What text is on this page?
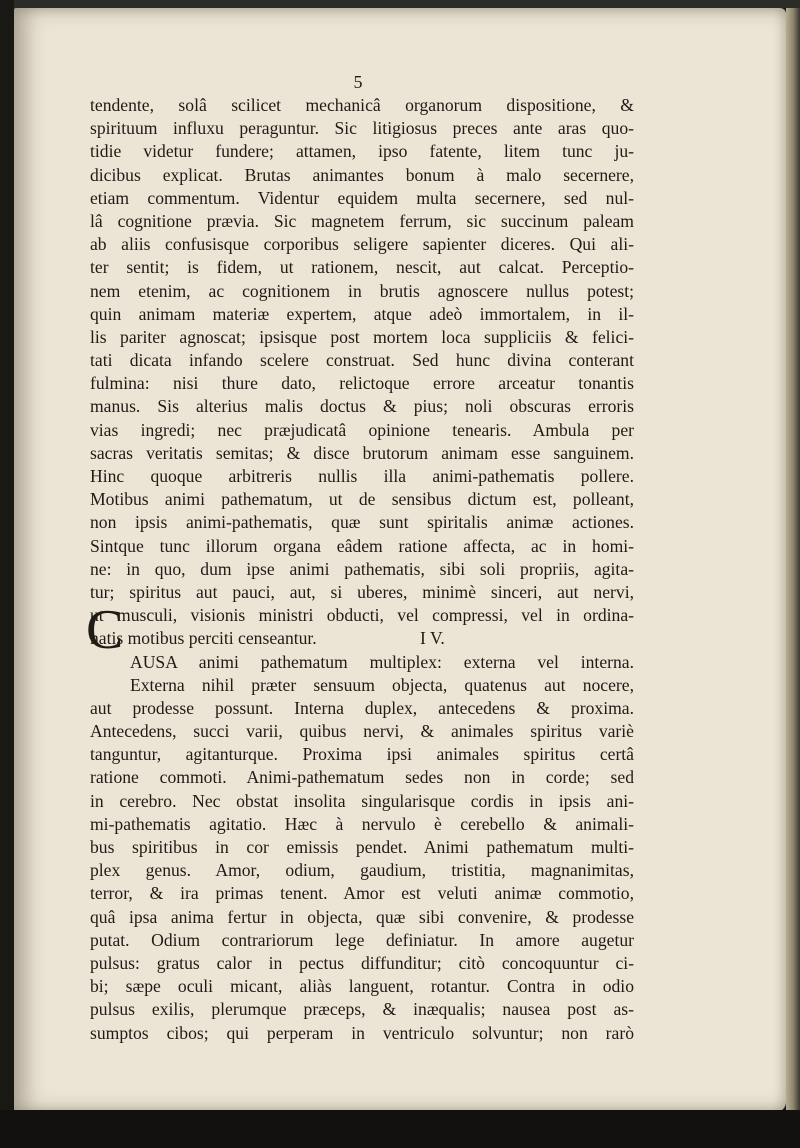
5
tendente, solâ scilicet mechanicâ organorum dispositione, &
spirituum influxu peraguntur. Sic litigiosus preces ante aras quo-
tidie videtur fundere; attamen, ipso fatente, litem tunc ju-
dicibus explicat. Brutas animantes bonum à malo secernere,
etiam commentum. Videntur equidem multa secernere, sed nul-
lâ cognitione prævia. Sic magnetem ferrum, sic succinum paleam
ab aliis confusisque corporibus seligere sapienter diceres. Qui ali-
ter sentit; is fidem, ut rationem, nescit, aut calcat. Perceptio-
nem etenim, ac cognitionem in brutis agnoscere nullus potest;
quin animam materiæ expertem, atque adeò immortalem, in il-
lis pariter agnoscat; ipsisque post mortem loca suppliciis & felici-
tati dicata infando scelere construat. Sed hunc divina conterant
fulmina: nisi thure dato, relictoque errore arceatur tonantis
manus. Sis alterius malis doctus & pius; noli obscuras erroris
vias ingredi; nec præjudicatâ opinione tenearis. Ambula per
sacras veritatis semitas; & disce brutorum animam esse sanguinem.
Hinc quoque arbitreris nullis illa animi-pathematis pollere.
Motibus animi pathematum, ut de sensibus dictum est, polleant,
non ipsis animi-pathematis, quæ sunt spiritalis animæ actiones.
Sintque tunc illorum organa eâdem ratione affecta, ac in homi-
ne: in quo, dum ipse animi pathematis, sibi soli propriis, agita-
tur; spiritus aut pauci, aut, si uberes, minimè sinceri, aut nervi,
ut musculi, visionis ministri obducti, vel compressi, vel in ordina-
natis motibus perciti censeantur.	I V.
AUSA animi pathematum multiplex: externa vel interna.
Externa nihil præter sensuum objecta, quatenus aut nocere,
aut prodesse possunt. Interna duplex, antecedens & proxima.
Antecedens, succi varii, quibus nervi, & animales spiritus variè
tanguntur, agitanturque. Proxima ipsi animales spiritus certâ
ratione commoti. Animi-pathematum sedes non in corde; sed
in cerebro. Nec obstat insolita singularisque cordis in ipsis ani-
mi-pathematis agitatio. Hæc à nervulo è cerebello & animali-
bus spiritibus in cor emissis pendet. Animi pathematum multi-
plex genus. Amor, odium, gaudium, tristitia, magnanimitas,
terror, & ira primas tenent. Amor est veluti animæ commotio,
quâ ipsa anima fertur in objecta, quæ sibi convenire, & prodesse
putat. Odium contrariorum lege definiatur. In amore augetur
pulsus: gratus calor in pectus diffunditur; citò concoquuntur ci-
bi; sæpe oculi micant, aliàs languent, rotantur. Contra in odio
pulsus exilis, plerumque præceps, & inæqualis; nausea post as-
sumptos cibos; qui perperam in ventriculo solvuntur; non rarò
C
